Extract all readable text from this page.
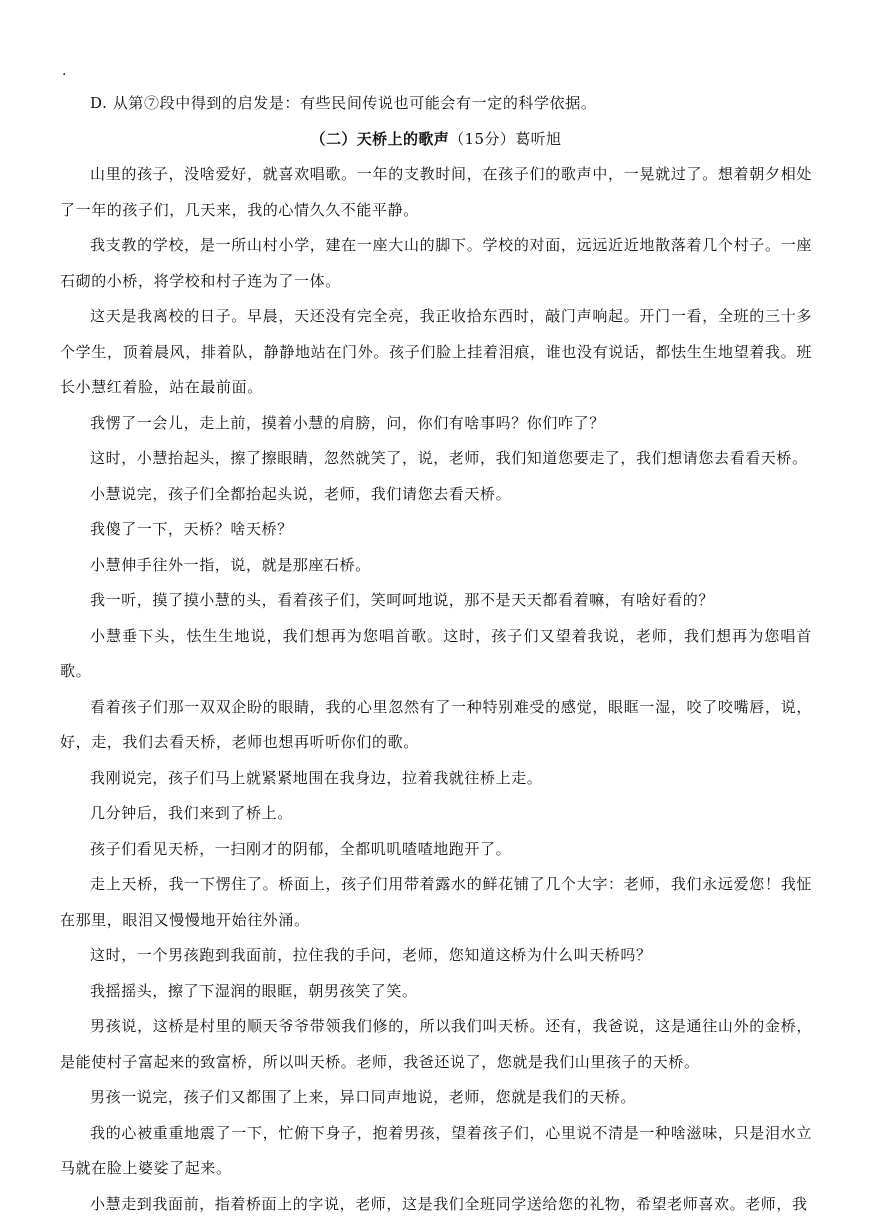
.

D. 从第⑦段中得到的启发是：有些民间传说也可能会有一定的科学依据。

（二）天桥上的歌声（15分）葛听旭

山里的孩子，没啥爱好，就喜欢唱歌。一年的支教时间，在孩子们的歌声中，一晃就过了。想着朝夕相处了一年的孩子们，几天来，我的心情久久不能平静。

我支教的学校，是一所山村小学，建在一座大山的脚下。学校的对面，远远近近地散落着几个村子。一座石砌的小桥，将学校和村子连为了一体。

这天是我离校的日子。早晨，天还没有完全亮，我正收拾东西时，敲门声响起。开门一看，全班的三十多个学生，顶着晨风，排着队，静静地站在门外。孩子们脸上挂着泪痕，谁也没有说话，都怯生生地望着我。班长小慧红着脸，站在最前面。

我愣了一会儿，走上前，摸着小慧的肩膀，问，你们有啥事吗？你们咋了？

这时，小慧抬起头，擦了擦眼睛，忽然就笑了，说，老师，我们知道您要走了，我们想请您去看看天桥。

小慧说完，孩子们全都抬起头说，老师，我们请您去看天桥。

我傻了一下，天桥？啥天桥？

小慧伸手往外一指，说，就是那座石桥。

我一听，摸了摸小慧的头，看着孩子们，笑呵呵地说，那不是天天都看着嘛，有啥好看的？

小慧垂下头，怯生生地说，我们想再为您唱首歌。这时，孩子们又望着我说，老师，我们想再为您唱首歌。

看着孩子们那一双双企盼的眼睛，我的心里忽然有了一种特别难受的感觉，眼眶一湿，咬了咬嘴唇，说，好，走，我们去看天桥，老师也想再听听你们的歌。

我刚说完，孩子们马上就紧紧地围在我身边，拉着我就往桥上走。

几分钟后，我们来到了桥上。

孩子们看见天桥，一扫刚才的阴郁，全都叽叽喳喳地跑开了。

走上天桥，我一下愣住了。桥面上，孩子们用带着露水的鲜花铺了几个大字：老师，我们永远爱您！我怔在那里，眼泪又慢慢地开始往外涌。

这时，一个男孩跑到我面前，拉住我的手问，老师，您知道这桥为什么叫天桥吗？

我摇摇头，擦了下湿润的眼眶，朝男孩笑了笑。

男孩说，这桥是村里的顺天爷爷带领我们修的，所以我们叫天桥。还有，我爸说，这是通往山外的金桥，是能使村子富起来的致富桥，所以叫天桥。老师，我爸还说了，您就是我们山里孩子的天桥。

男孩一说完，孩子们又都围了上来，异口同声地说，老师，您就是我们的天桥。

我的心被重重地震了一下，忙俯下身子，抱着男孩，望着孩子们，心里说不清是一种啥滋味，只是泪水立马就在脸上婆娑了起来。

小慧走到我面前，指着桥面上的字说，老师，这是我们全班同学送给您的礼物，希望老师喜欢。老师，我
